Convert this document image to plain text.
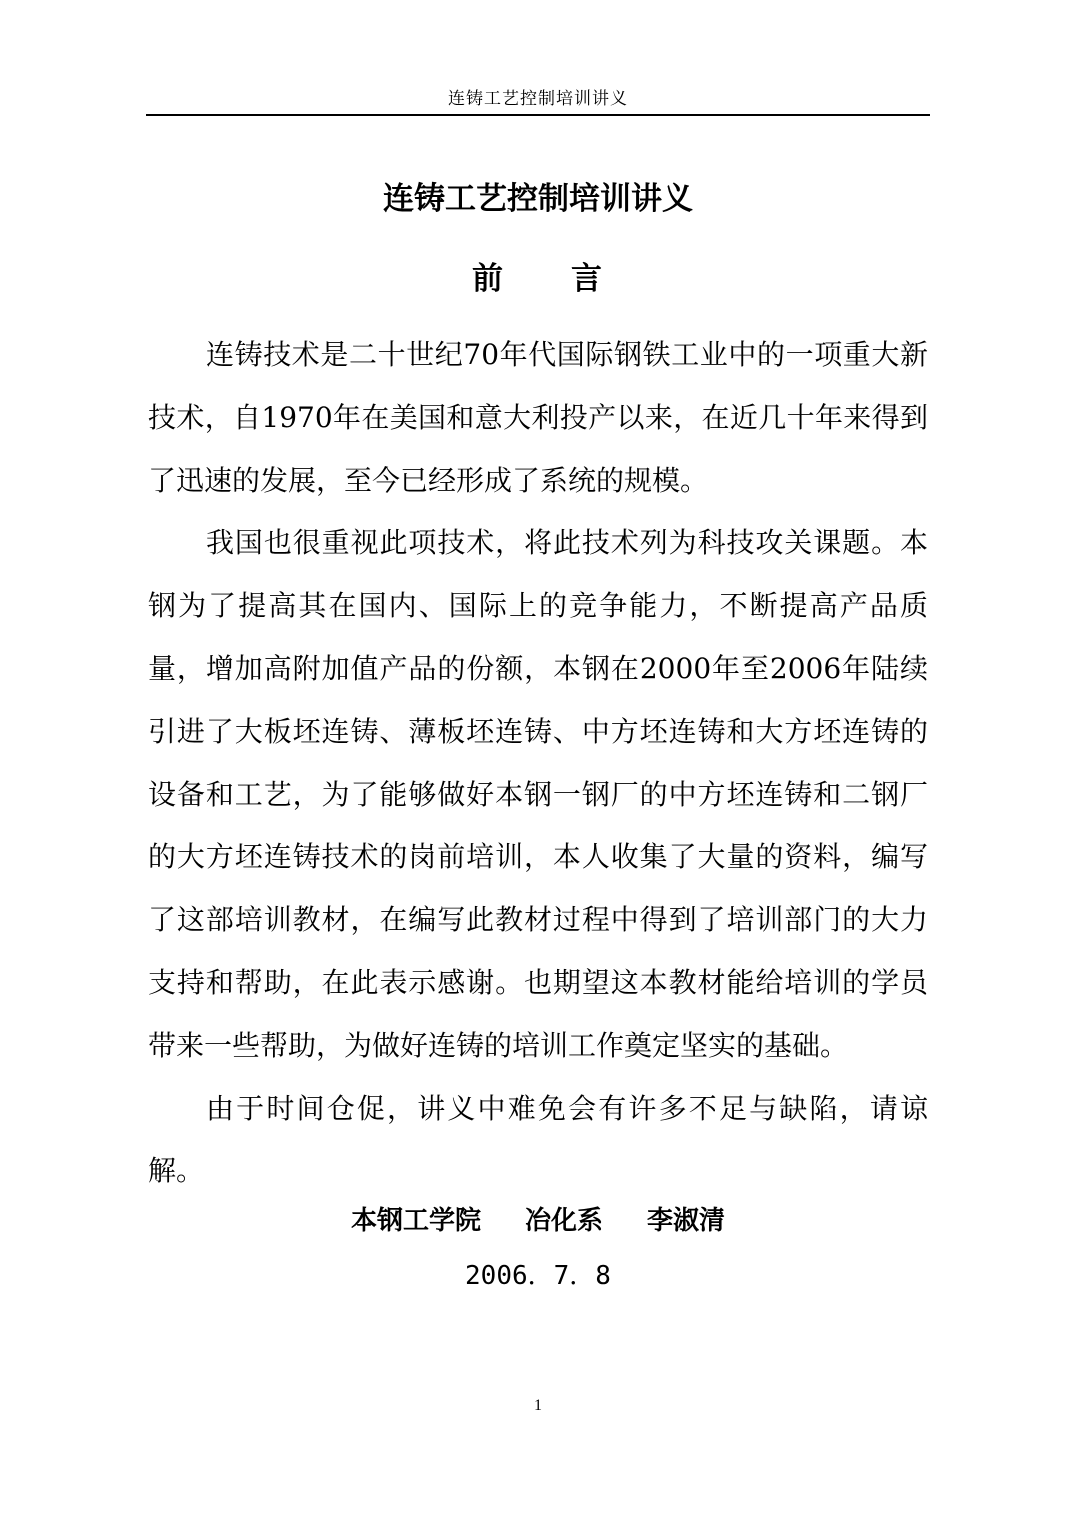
连铸工艺控制培训讲义
连铸工艺控制培训讲义
前　　言

连铸技术是二十世纪70年代国际钢铁工业中的一项重大新技术，自1970年在美国和意大利投产以来，在近几十年来得到了迅速的发展，至今已经形成了系统的规模。

我国也很重视此项技术，将此技术列为科技攻关课题。本钢为了提高其在国内、国际上的竞争能力，不断提高产品质量，增加高附加值产品的份额，本钢在2000年至2006年陆续引进了大板坯连铸、薄板坯连铸、中方坯连铸和大方坯连铸的设备和工艺，为了能够做好本钢一钢厂的中方坯连铸和二钢厂的大方坯连铸技术的岗前培训，本人收集了大量的资料，编写了这部培训教材，在编写此教材过程中得到了培训部门的大力支持和帮助，在此表示感谢。也期望这本教材能给培训的学员带来一些帮助，为做好连铸的培训工作奠定坚实的基础。

由于时间仓促，讲义中难免会有许多不足与缺陷，请谅解。

本钢工学院 冶化系 李淑清
2006．7．8
1
